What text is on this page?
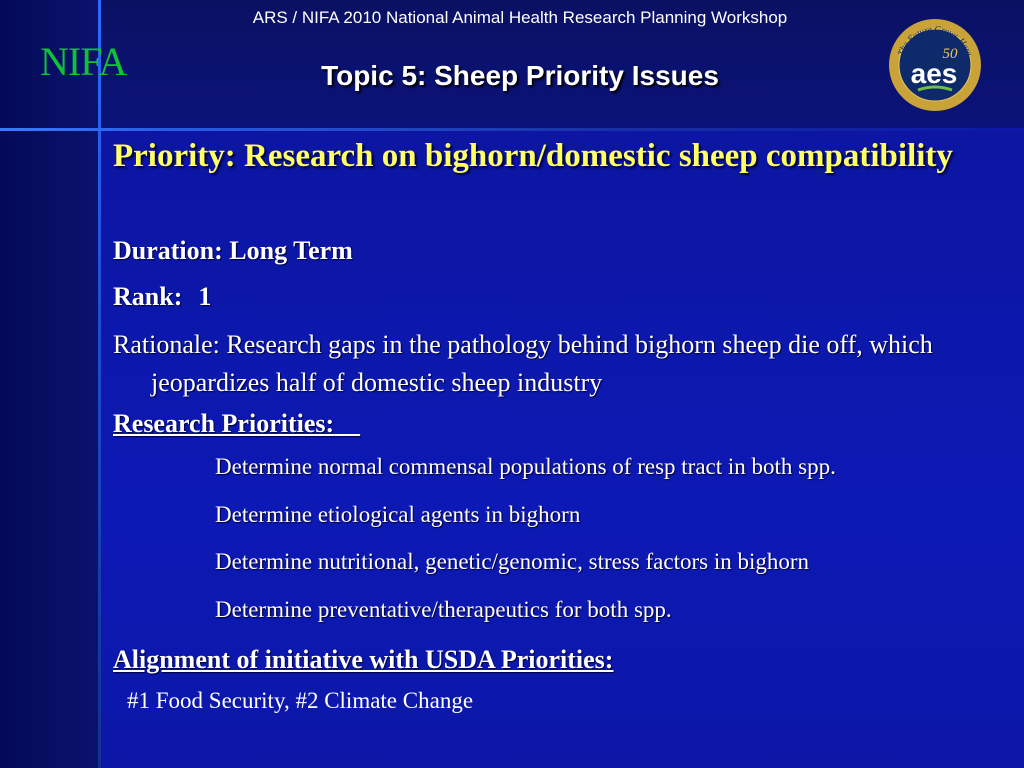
NIFA
ARS / NIFA 2010 National Animal Health Research Planning Workshop
Topic 5: Sheep Priority Issues
The Future Grows Here
50
aes
Priority: Research on bighorn/domestic sheep compatibility
Duration: Long Term
Rank: 1
Rationale: Research gaps in the pathology behind bighorn sheep die off, which jeopardizes half of domestic sheep industry
Research Priorities:
Determine normal commensal populations of resp tract in both spp.
Determine etiological agents in bighorn
Determine nutritional, genetic/genomic, stress factors in bighorn
Determine preventative/therapeutics for both spp.
Alignment of initiative with USDA Priorities:
#1 Food Security, #2 Climate Change
